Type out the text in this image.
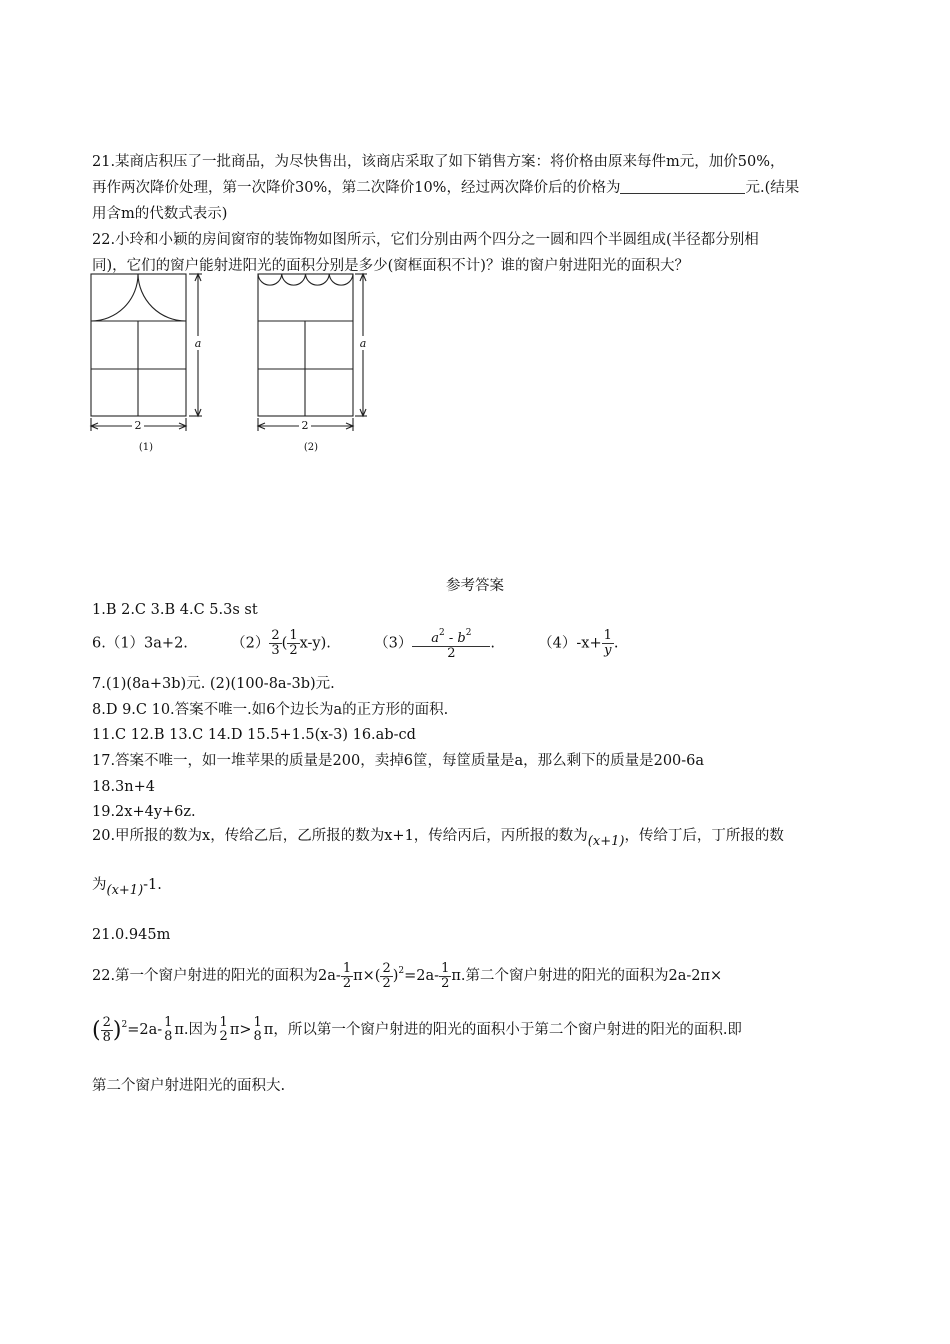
21.某商店积压了一批商品，为尽快售出，该商店采取了如下销售方案：将价格由原来每件m元，加价50%，
再作两次降价处理，第一次降价30%，第二次降价10%，经过两次降价后的价格为	元.(结果
用含m的代数式表示)
22.小玲和小颖的房间窗帘的装饰物如图所示，它们分别由两个四分之一圆和四个半圆组成(半径都分别相
同)，它们的窗户能射进阳光的面积分别是多少(窗框面积不计)？谁的窗户射进阳光的面积大？
2
a
(1)
2
a
(2)
参考答案
1.B 2.C 3.B 4.C 5.3s st
6.（1）3a+2.	$(2) \frac{2}{3}$ ( $\frac{1}{2} x-y$).	$(3) \frac{a^2 - b^2}{2}$ .	$(4)-x+ \frac{1}{y}$ .
7.(1)(8a+3b)元. (2)(100-8a-3b)元.
8.D 9.C 10.答案不唯一.如6个边长为a的正方形的面积.
11.C 12.B 13.C 14.D 15.5+1.5(x-3) 16.ab-cd
17.答案不唯一，如一堆苹果的质量是200，卖掉6筐，每筐质量是a，那么剩下的质量是200-6a
18.3n+4
19.2x+4y+6z.
20.甲所报的数为x，传给乙后，乙所报的数为x+1，传给丙后，丙所报的数为(x+1)，传给丁后，丁所报的数
为(x+1)-1.
21.0.945m
22.第一个窗户射进的阳光的面积为$2a- \frac{1}{2} \pi\times( \frac{2}{2} )^2=2a- \frac{1}{2} \pi$.第二个窗户射进的阳光的面积为2a-2π×
( $\frac{2}{8} )^2=2a-$ 1
8 π.因为 1
2 π> 1
8 π，所以第一个窗户射进的阳光的面积小于第二个窗户射进的阳光的面积.即
第二个窗户射进阳光的面积大.
